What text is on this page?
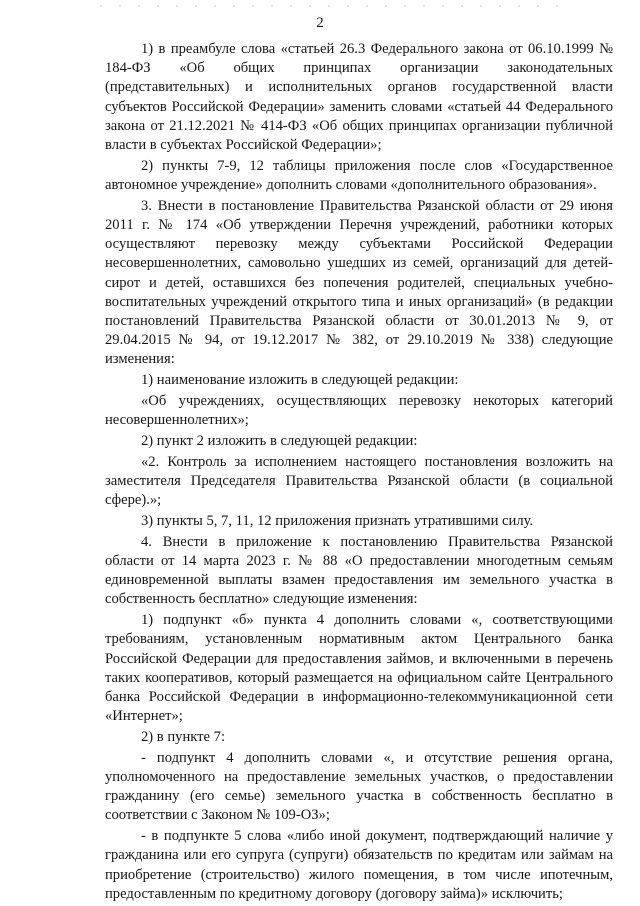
2

1) в преамбуле слова «статьей 26.3 Федерального закона от 06.10.1999 № 184-ФЗ «Об общих принципах организации законодательных (представительных) и исполнительных органов государственной власти субъектов Российской Федерации» заменить словами «статьей 44 Федерального закона от 21.12.2021 № 414-ФЗ «Об общих принципах организации публичной власти в субъектах Российской Федерации»;

2) пункты 7-9, 12 таблицы приложения после слов «Государственное автономное учреждение» дополнить словами «дополнительного образования».

3. Внести в постановление Правительства Рязанской области от 29 июня 2011 г. № 174 «Об утверждении Перечня учреждений, работники которых осуществляют перевозку между субъектами Российской Федерации несовершеннолетних, самовольно ушедших из семей, организаций для детей-сирот и детей, оставшихся без попечения родителей, специальных учебно-воспитательных учреждений открытого типа и иных организаций» (в редакции постановлений Правительства Рязанской области от 30.01.2013 № 9, от 29.04.2015 № 94, от 19.12.2017 № 382, от 29.10.2019 № 338) следующие изменения:

1) наименование изложить в следующей редакции:

«Об учреждениях, осуществляющих перевозку некоторых категорий несовершеннолетних»;

2) пункт 2 изложить в следующей редакции:

«2. Контроль за исполнением настоящего постановления возложить на заместителя Председателя Правительства Рязанской области (в социальной сфере).»;

3) пункты 5, 7, 11, 12 приложения признать утратившими силу.

4. Внести в приложение к постановлению Правительства Рязанской области от 14 марта 2023 г. № 88 «О предоставлении многодетным семьям единовременной выплаты взамен предоставления им земельного участка в собственность бесплатно» следующие изменения:

1) подпункт «б» пункта 4 дополнить словами «, соответствующими требованиям, установленным нормативным актом Центрального банка Российской Федерации для предоставления займов, и включенными в перечень таких кооперативов, который размещается на официальном сайте Центрального банка Российской Федерации в информационно-телекоммуникационной сети «Интернет»;

2) в пункте 7:

- подпункт 4 дополнить словами «, и отсутствие решения органа, уполномоченного на предоставление земельных участков, о предоставлении гражданину (его семье) земельного участка в собственность бесплатно в соответствии с Законом № 109-ОЗ»;

- в подпункте 5 слова «либо иной документ, подтверждающий наличие у гражданина или его супруга (супруги) обязательств по кредитам или займам на приобретение (строительство) жилого помещения, в том числе ипотечным, предоставленным по кредитному договору (договору займа)» исключить;
